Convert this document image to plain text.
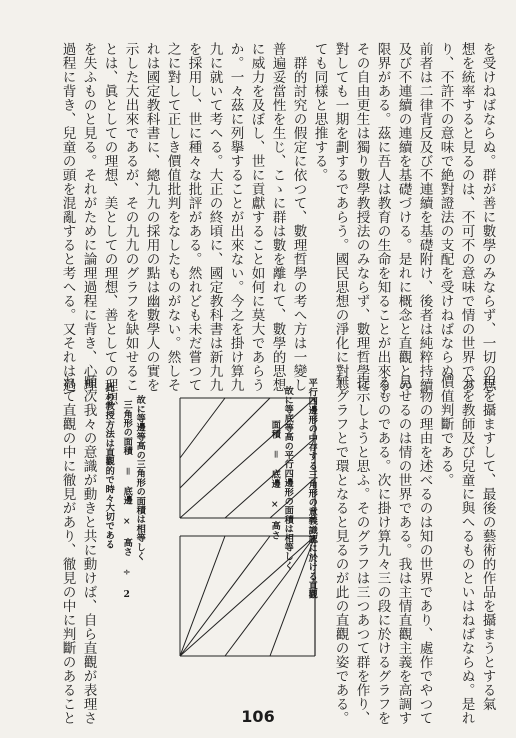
を受けねばならぬ。群が善に數學のみならず、一切の思
想を統率すると見るのは、不可不の意味で情の世界であ
り、不許不の意味で絶對證法の支配を受けねばならぬ
前者は二律背反及び不連續を基礎附け、後者は純粹持續
及び不連續の連續を基礎づける。是れに概念と直觀との
限界がある。茲に吾人は教育の生命を知ることが出來る。
その自由更生は獨り數學教授法のみならず、數理哲學に
對しても一期を劃するであらう。國民思想の淨化に對し
ても同樣と思推する。
群的討究の假定に依つて、數理哲學の考へ方は一變し
普遍妥當性を生じ、こゝに群は數を離れて、數學的思想
に威力を及ぼし、世に貢獻すること如何に莫大であらう
か。一々茲に列擧することが出來ない。今之を掛け算九
九に就いて考へる。大正の終頃に、國定教科書は新九九
を採用し、世に種々な批評がある。然れども未だ嘗つて
之に對して正しき價值批判をなしたものがない。然しそ
れは國定教科書に、總九九の採用の點は幽數學人の實を
示した大出來であるが、その九九のグラフを缺如せるこ
とは、眞としての理想、美としての理想、善としての理想
を失ふものと見る。それがために論理過程に背き、心理
過程に背き、兒童の頭を混亂すると考へる。又それは過
程を攝ますして、最後の藝術的作品を攝まうとする氣
分を教師及び兒童に與へるものといはねばならぬ。是れ
價值判斷である。
物の理由を述べるのは知の世界であり、處作でやつて
見せるのは情の世界である。我は主情直觀主義を高調す
るものである。次に掛け算九々三の段に於けるグラフを
提示しようと思ふ。そのグラフは三つあつて群を作り、
無グラフとで環となると見るのが此の直觀の姿である。
平行四邊形の中存する三角形の意義識認に於ける直觀
故に等底等高の平行四邊形の面積は相等しく
面積 ＝ 底邊 × 高さ
故に等邊等高の三角形の面積は相等しく
三角形の面積 ＝ 底邊 × 高さ ÷ 2
此の教授方法は直觀的で時々大切である
順次我々の意識が動きと共に動けば、自ら直觀が表理さ
れて直觀の中に徹見があり、徹見の中に判斷のあること	106
